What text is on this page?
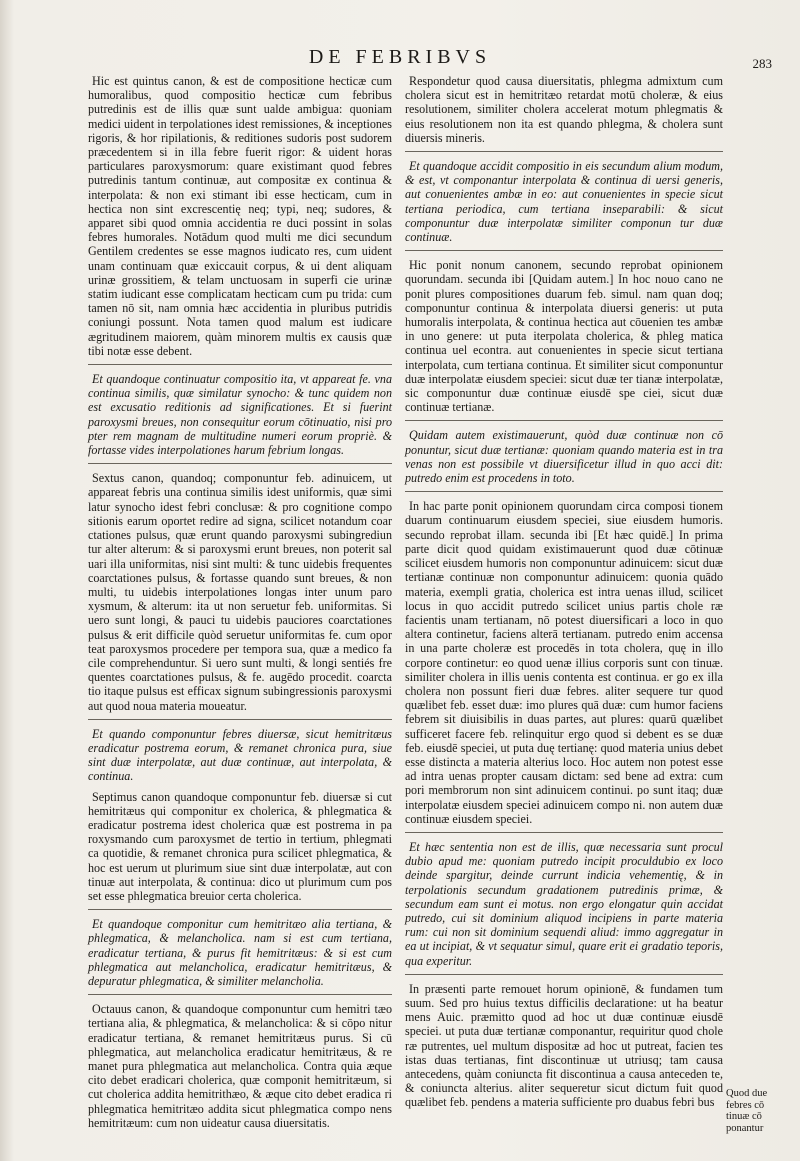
DE FEBRIBVS	283

Hic est quintus canon, & est de compositione hecticæ cum humoralibus, quod compositio hecticæ cum febribus putredinis est de illis quæ sunt ualde ambigua: quoniam medici uident in terpolationes idest remissiones, & inceptiones rigoris, & hor ripilationis, & reditiones sudoris post sudorem præcedentem si in illa febre fuerit rigor: & uident horas particulares paroxysmorum: quare existimant quod febres putredinis tantum continuæ, aut compositæ ex continua & interpolata: & non exi stimant ibi esse hecticam, cum in hectica non sint excrescentię neq; typi, neq; sudores, & apparet sibi quod omnia accidentia re duci possint in solas febres humorales. Notādum quod multi me dici secundum Gentilem credentes se esse magnos iudicato res, cum uident unam continuam quæ exiccauit corpus, & ui dent aliquam urinæ grossitiem, & telam unctuosam in superfi cie urinæ statim iudicant esse complicatam hecticam cum pu trida: cum tamen nō sit, nam omnia hæc accidentia in pluribus putridis coniungi possunt. Nota tamen quod malum est iudicare ægritudinem maiorem, quàm minorem multis ex causis quæ tibi notæ esse debent.

Et quandoque continuatur compositio ita, vt appareat fe. vna continua similis, quæ similatur synocho: & tunc quidem non est excusatio reditionis ad significationes. Et si fuerint paroxysmi breues, non consequitur eorum cōtinuatio, nisi pro pter rem magnam de multitudine numeri eorum propriè. & fortasse vides interpolationes harum febrium longas.

Sextus canon, quandoq; componuntur feb. adinuicem, ut appareat febris una continua similis idest uniformis, quæ simi latur synocho idest febri conclusæ: & pro cognitione compo sitionis earum oportet redire ad signa, scilicet notandum coar ctationes pulsus, quæ erunt quando paroxysmi subingrediun tur alter alterum: & si paroxysmi erunt breues, non poterit sal uari illa uniformitas, nisi sint multi: & tunc uidebis frequentes coarctationes pulsus, & fortasse quando sunt breues, & non multi, tu uidebis interpolationes longas inter unum paro xysmum, & alterum: ita ut non seruetur feb. uniformitas. Si uero sunt longi, & pauci tu uidebis pauciores coarctationes pulsus & erit difficile quòd seruetur uniformitas fe. cum opor teat paroxysmos procedere per tempora sua, quæ a medico fa cile comprehenduntur. Si uero sunt multi, & longi sentiés fre quentes coarctationes pulsus, & fe. augēdo procedit. coarcta tio itaque pulsus est efficax signum subingressionis paroxysmi aut quod noua materia moueatur.

Et quando componuntur febres diuersæ, sicut hemitritæus eradicatur postrema eorum, & remanet chronica pura, siue sint duæ interpolatæ, aut duæ continuæ, aut interpolata, & continua.

Septimus canon quandoque componuntur feb. diuersæ si cut hemitritæus qui componitur ex cholerica, & phlegmatica & eradicatur postrema idest cholerica quæ est postrema in pa roxysmando cum paroxysmet de tertio in tertium, phlegmati ca quotidie, & remanet chronica pura scilicet phlegmatica, & hoc est uerum ut plurimum siue sint duæ interpolatæ, aut con tinuæ aut interpolata, & continua: dico ut plurimum cum pos set esse phlegmatica breuior certa cholerica.

Et quandoque componitur cum hemitritæo alia tertiana, & phlegmatica, & melancholica. nam si est cum tertiana, eradicatur tertiana, & purus fit hemitritæus: & si est cum phlegmatica aut melancholica, eradicatur hemitritæus, & depuratur phlegmatica, & similiter melancholia.

Octauus canon, & quandoque componuntur cum hemitri tæo tertiana alia, & phlegmatica, & melancholica: & si cōpo nitur eradicatur tertiana, & remanet hemitritæus purus. Si cū phlegmatica, aut melancholica eradicatur hemitritæus, & re manet pura phlegmatica aut melancholica. Contra quia æque cito debet eradicari cholerica, quæ componit hemitritæum, si cut cholerica addita hemitrithæo, & æque cito debet eradica ri phlegmatica hemitritæo addita sicut phlegmatica compo nens hemitritæum: cum non uideatur causa diuersitatis.

Respondetur quod causa diuersitatis, phlegma admixtum cum cholera sicut est in hemitritæo retardat motū choleræ, & eius resolutionem, similiter cholera accelerat motum phlegmatis & eius resolutionem non ita est quando phlegma, & cholera sunt diuersis mineris.

Et quandoque accidit compositio in eis secundum alium modum, & est, vt componantur interpolata & continua di uersi generis, aut conuenientes ambæ in eo: aut conuenientes in specie sicut tertiana periodica, cum tertiana inseparabili: & sicut componuntur duæ interpolatæ similiter componun tur duæ continuæ.

Hic ponit nonum canonem, secundo reprobat opinionem quorundam. secunda ibi [Quidam autem.] In hoc nouo cano ne ponit plures compositiones duarum feb. simul. nam quan doq; componuntur continua & interpolata diuersi generis: ut puta humoralis interpolata, & continua hectica aut cōuenien tes ambæ in uno genere: ut puta iterpolata cholerica, & phleg matica continua uel econtra. aut conuenientes in specie sicut tertiana interpolata, cum tertiana continua. Et similiter sicut componuntur duæ interpolatæ eiusdem speciei: sicut duæ ter tianæ interpolatæ, sic componuntur duæ continuæ eiusdē spe ciei, sicut duæ continuæ tertianæ.

Quidam autem existimauerunt, quòd duæ continuæ non cō ponuntur, sicut duæ tertianæ: quoniam quando materia est in tra venas non est possibile vt diuersificetur illud in quo acci dit: putredo enim est procedens in toto.

In hac parte ponit opinionem quorundam circa composi tionem duarum continuarum eiusdem speciei, siue eiusdem humoris. secundo reprobat illam. secunda ibi [Et hæc quidē.] In prima parte dicit quod quidam existimauerunt quod duæ cōtinuæ scilicet eiusdem humoris non componuntur adinuicem: sicut duæ tertianæ continuæ non componuntur adinuicem: quonia quādo materia, exempli gratia, cholerica est intra uenas illud, scilicet locus in quo accidit putredo scilicet unius partis chole ræ facientis unam tertianam, nō potest diuersificari a loco in quo altera continetur, faciens alterā tertianam. putredo enim accensa in una parte choleræ est procedēs in tota cholera, quę in illo corpore continetur: eo quod uenæ illius corporis sunt con tinuæ. similiter cholera in illis uenis contenta est continua. er go ex illa cholera non possunt fieri duæ febres. aliter sequere tur quod quælibet feb. esset duæ: imo plures quā duæ: cum humor faciens febrem sit diuisibilis in duas partes, aut plures: quarū quælibet sufficeret facere feb. relinquitur ergo quod si debent es se duæ feb. eiusdē speciei, ut puta duę tertianę: quod materia unius debet esse distincta a materia alterius loco. Hoc autem non potest esse ad intra uenas propter causam dictam: sed bene ad extra: cum pori membrorum non sint adinuicem continui. po sunt itaq; duæ interpolatæ eiusdem speciei adinuicem compo ni. non autem duæ continuæ eiusdem speciei.

Et hæc sententia non est de illis, quæ necessaria sunt procul dubio apud me: quoniam putredo incipit proculdubio ex loco deinde spargitur, deinde currunt indicia vehementię, & in terpolationis secundum gradationem putredinis primæ, & secundum eam sunt ei motus. non ergo elongatur quin accidat putredo, cui sit dominium aliquod incipiens in parte materia rum: cui non sit dominium sequendi aliud: immo aggregatur in ea ut incipiat, & vt sequatur simul, quare erit ei gradatio teporis, qua experitur.

In præsenti parte remouet horum opinionē, & fundamen tum suum. Sed pro huius textus difficilis declaratione: ut ha beatur mens Auic. præmitto quod ad hoc ut duæ continuæ eiusdē speciei. ut puta duæ tertianæ componantur, requiritur quod chole ræ putrentes, uel multum dispositæ ad hoc ut putreat, facien tes istas duas tertianas, fint discontinuæ ut utriusq; tam causa antecedens, quàm coniuncta fit discontinua a causa anteceden te, & coniuncta alterius. aliter sequeretur sicut dictum fuit quod quælibet feb. pendens a materia sufficiente pro duabus febri bus

Quod due febres cō tinuæ cō ponantur
